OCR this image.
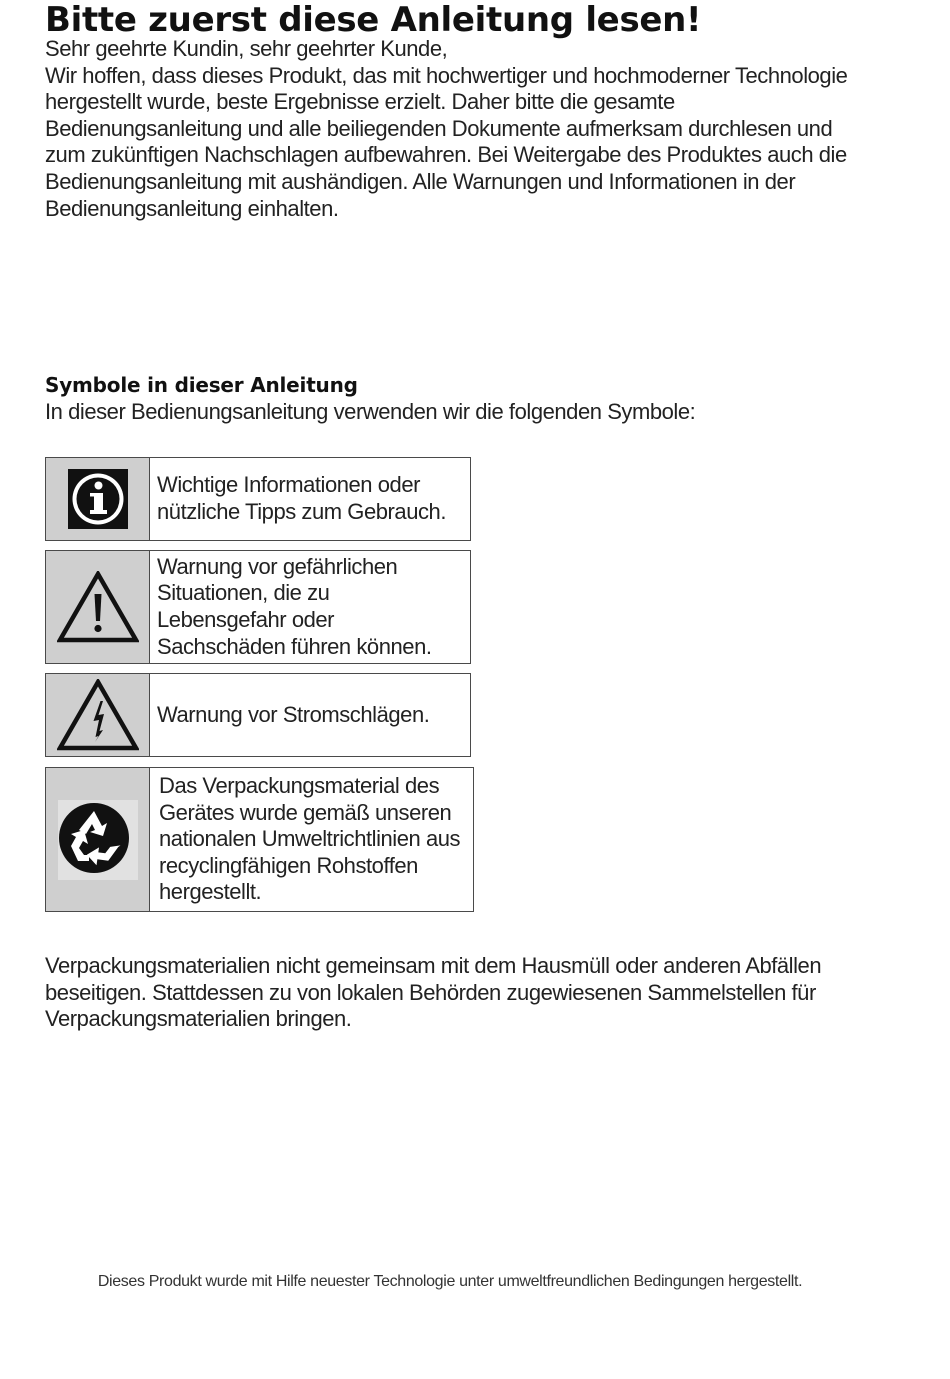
Bitte zuerst diese Anleitung lesen!

Sehr geehrte Kundin, sehr geehrter Kunde,

Wir hoffen, dass dieses Produkt, das mit hochwertiger und hochmoderner Technologie hergestellt wurde, beste Ergebnisse erzielt. Daher bitte die gesamte Bedienungsanleitung und alle beiliegenden Dokumente aufmerksam durchlesen und zum zukünftigen Nachschlagen aufbewahren. Bei Weitergabe des Produktes auch die Bedienungsanleitung mit aushändigen. Alle Warnungen und Informationen in der Bedienungsanleitung einhalten.

Symbole in dieser Anleitung

In dieser Bedienungsanleitung verwenden wir die folgenden Symbole:

Wichtige Informationen oder nützliche Tipps zum Gebrauch.
Warnung vor gefährlichen Situationen, die zu Lebensgefahr oder Sachschäden führen können.
Warnung vor Stromschlägen.
Das Verpackungsmaterial des Gerätes wurde gemäß unseren nationalen Umweltrichtlinien aus recyclingfähigen Rohstoffen hergestellt.

Verpackungsmaterialien nicht gemeinsam mit dem Hausmüll oder anderen Abfällen beseitigen. Stattdessen zu von lokalen Behörden zugewiesenen Sammelstellen für Verpackungsmaterialien bringen.

Dieses Produkt wurde mit Hilfe neuester Technologie unter umweltfreundlichen Bedingungen hergestellt.
